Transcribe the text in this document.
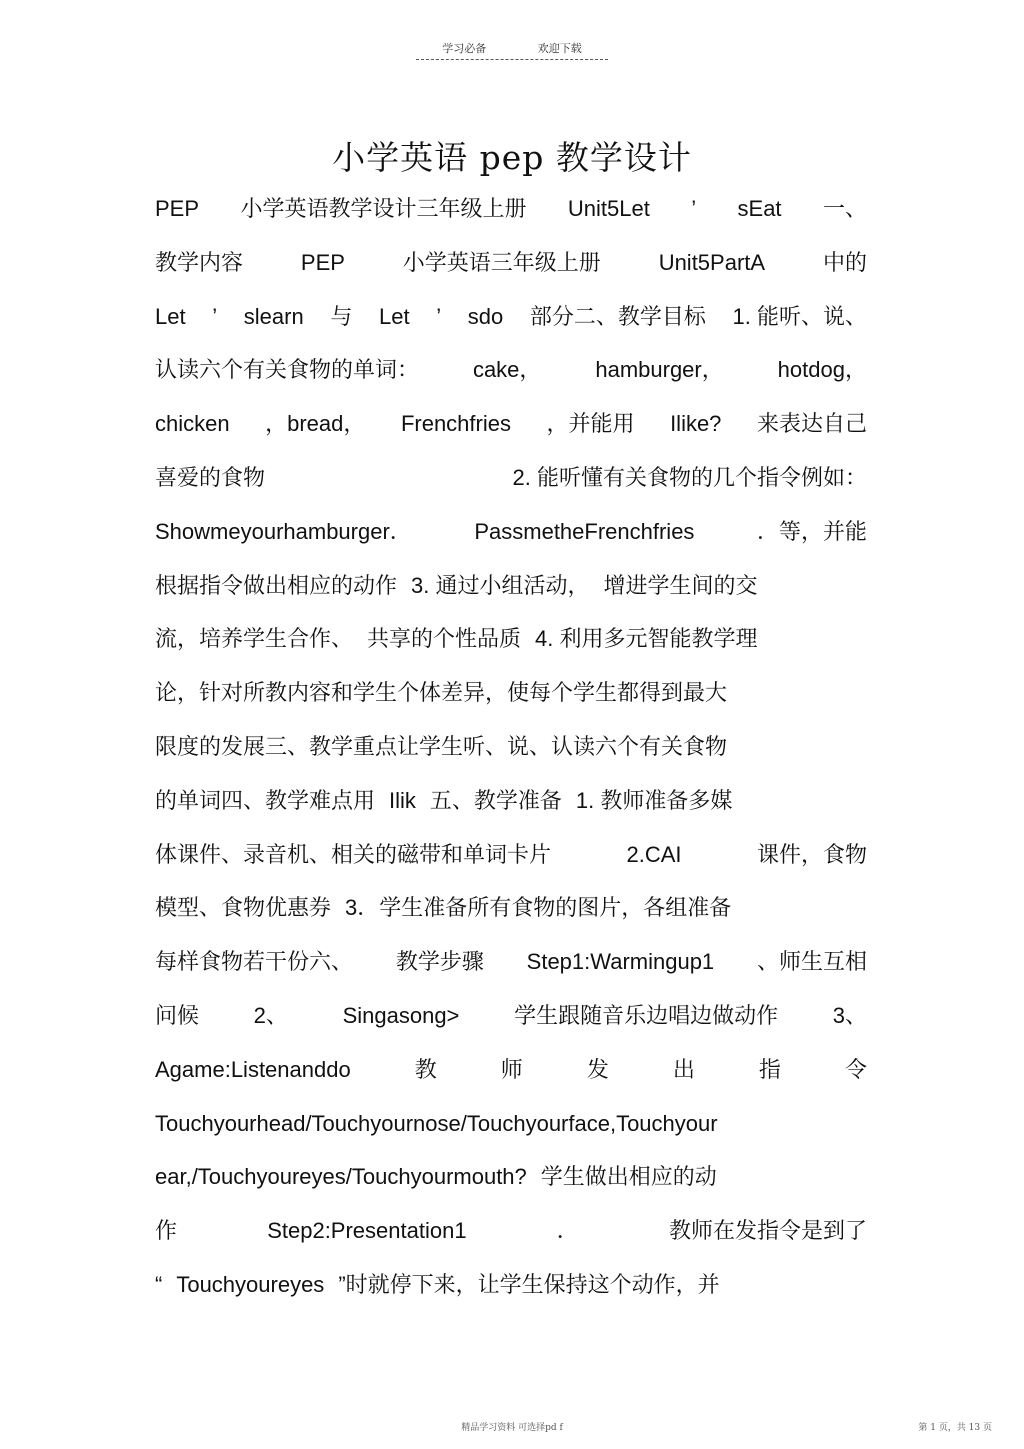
学习必备	欢迎下载
小学英语 pep 教学设计
PEP 小学英语教学设计三年级上册 Unit5Let ’ sEat 一、
教学内容	PEP	小学英语三年级上册	Unit5PartA	中的
Let ’ slearn 与 Let ’ sdo 部分二、教学目标 1. 能听、说、
认读六个有关食物的单词： cake， hamburger， hotdog，
chicken ，bread， Frenchfries ，并能用 Ilike? 来表达自己
喜爱的食物	2. 能听懂有关食物的几个指令例如：
Showmeyourhamburger．	PassmetheFrenchfries	．等，并能
根据指令做出相应的动作 3. 通过小组活动， 增进学生间的交
流，培养学生合作、 共享的个性品质 4. 利用多元智能教学理
论，针对所教内容和学生个体差异，使每个学生都得到最大
限度的发展三、教学重点让学生听、说、认读六个有关食物
的单词四、教学难点用 Ilik 五、教学准备 1. 教师准备多媒
体课件、录音机、相关的磁带和单词卡片	2.CAI	课件，食物
模型、食物优惠券 3．学生准备所有食物的图片，各组准备
每样食物若干份六、 教学步骤 Step1:Warmingup1 、师生互相
问候 2、 Singasong> 学生跟随音乐边唱边做动作 3、
Agame:Listenanddo	教	师	发	出	指	令
Touchyourhead/Touchyournose/Touchyourface,Touchyour
ear,/Touchyoureyes/Touchyourmouth? 学生做出相应的动
作	Step2:Presentation1	．	教师在发指令是到了
“ Touchyoureyes ”时就停下来，让学生保持这个动作，并
精品学习资料 可选择pd f	第 1 页，共 13 页
